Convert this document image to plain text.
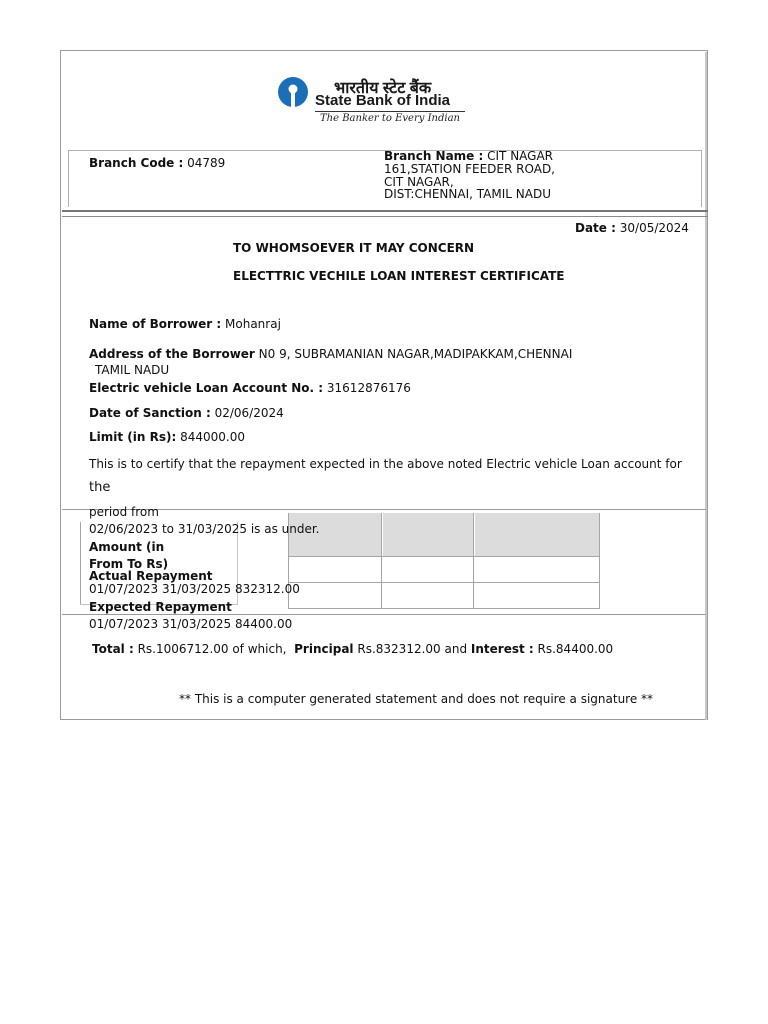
भारतीय स्टेट बैंक
State Bank of India
The Banker to Every Indian
Branch Code : 04789	Branch Name : CIT NAGAR
161,STATION FEEDER ROAD,
CIT NAGAR,
DIST:CHENNAI, TAMIL NADU
Date : 30/05/2024
TO WHOMSOEVER IT MAY CONCERN
ELECTTRIC VECHILE LOAN INTEREST CERTIFICATE
Name of Borrower : Mohanraj
Address of the Borrower N0 9, SUBRAMANIAN NAGAR,MADIPAKKAM,CHENNAI
TAMIL NADU
Electric vehicle Loan Account No. : 31612876176
Date of Sanction : 02/06/2024
Limit (in Rs): 844000.00
This is to certify that the repayment expected in the above noted Electric vehicle Loan account for
the
period from
02/06/2023 to 31/03/2025 is as under.
Amount (in
From To Rs)
Actual Repayment
01/07/2023 31/03/2025 832312.00
Expected Repayment
01/07/2023 31/03/2025 84400.00
Total : Rs.1006712.00 of which, Principal Rs.832312.00 and Interest : Rs.84400.00
** This is a computer generated statement and does not require a signature **
